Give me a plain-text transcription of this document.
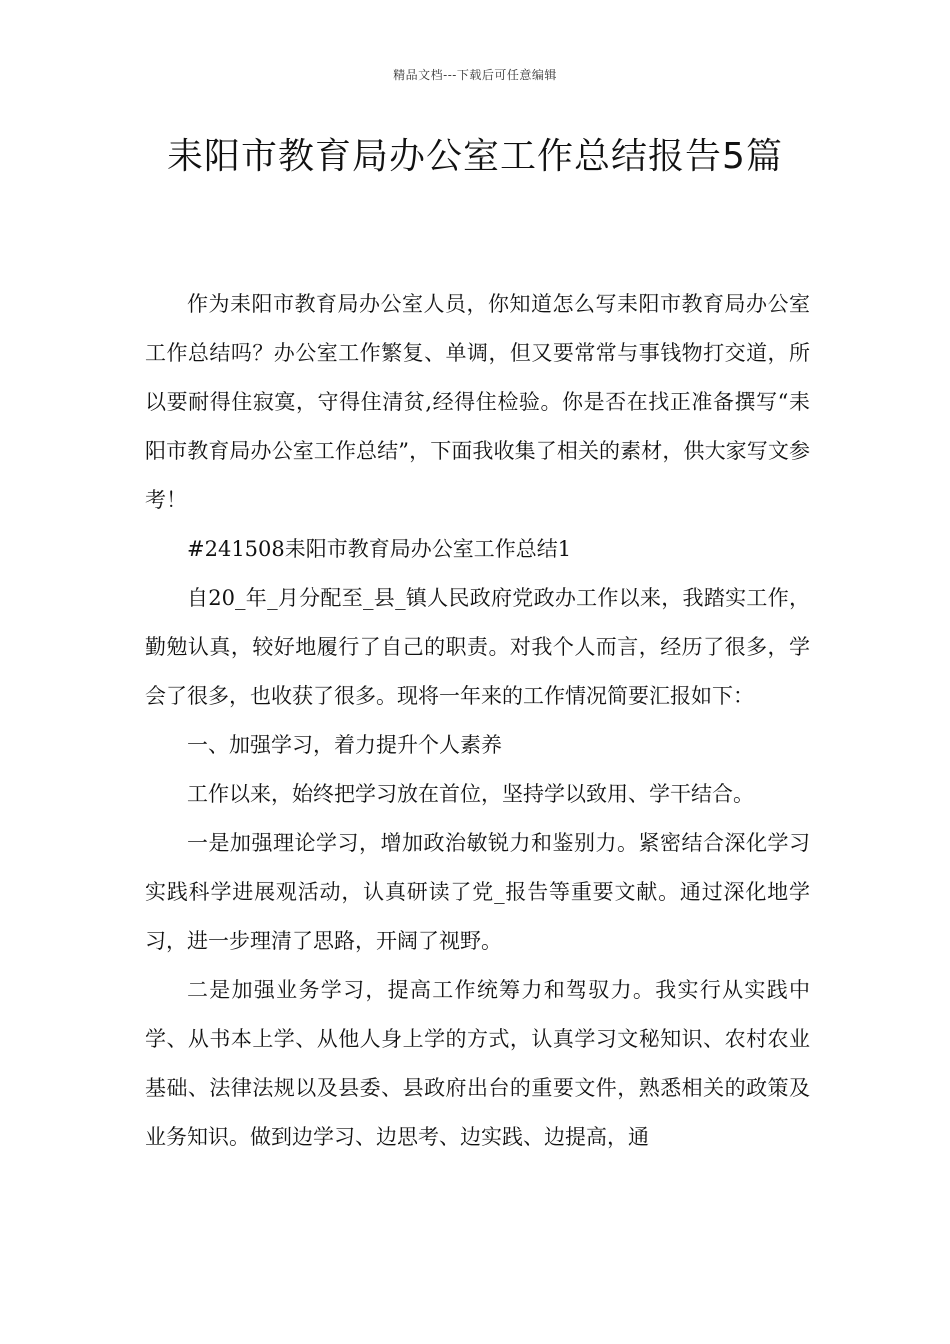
精品文档---下载后可任意编辑
耒阳市教育局办公室工作总结报告5篇

作为耒阳市教育局办公室人员，你知道怎么写耒阳市教育局办公室工作总结吗？办公室工作繁复、单调，但又要常常与事钱物打交道，所以要耐得住寂寞，守得住清贫,经得住检验。你是否在找正准备撰写“耒阳市教育局办公室工作总结”，下面我收集了相关的素材，供大家写文参考！

#241508耒阳市教育局办公室工作总结1

自20_年_月分配至_县_镇人民政府党政办工作以来，我踏实工作，勤勉认真，较好地履行了自己的职责。对我个人而言，经历了很多，学会了很多，也收获了很多。现将一年来的工作情况简要汇报如下：

一、加强学习，着力提升个人素养

工作以来，始终把学习放在首位，坚持学以致用、学干结合。

一是加强理论学习，增加政治敏锐力和鉴别力。紧密结合深化学习实践科学进展观活动，认真研读了党_报告等重要文献。通过深化地学习，进一步理清了思路，开阔了视野。

二是加强业务学习，提高工作统筹力和驾驭力。我实行从实践中学、从书本上学、从他人身上学的方式，认真学习文秘知识、农村农业基础、法律法规以及县委、县政府出台的重要文件，熟悉相关的政策及业务知识。做到边学习、边思考、边实践、边提高，通
